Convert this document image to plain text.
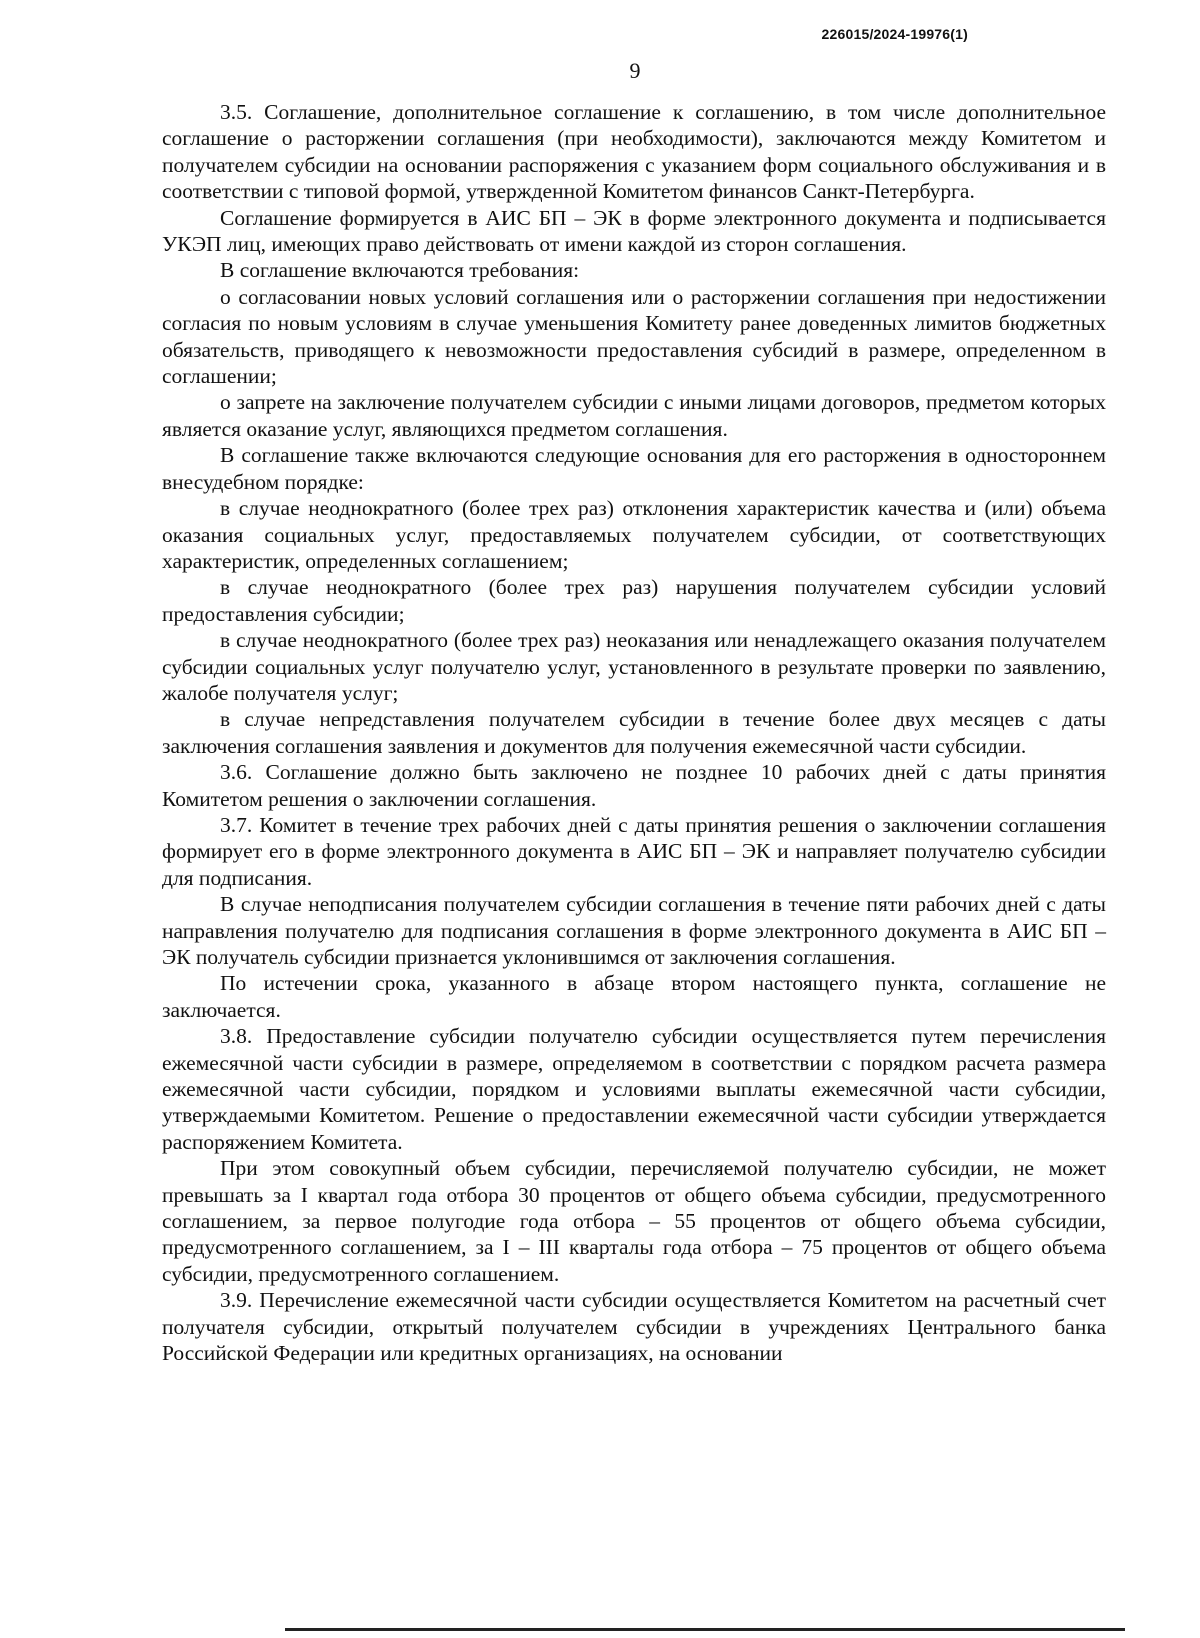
226015/2024-19976(1)
9

3.5. Соглашение, дополнительное соглашение к соглашению, в том числе дополнительное соглашение о расторжении соглашения (при необходимости), заключаются между Комитетом и получателем субсидии на основании распоряжения с указанием форм социального обслуживания и в соответствии с типовой формой, утвержденной Комитетом финансов Санкт-Петербурга.

Соглашение формируется в АИС БП – ЭК в форме электронного документа и подписывается УКЭП лиц, имеющих право действовать от имени каждой из сторон соглашения.

В соглашение включаются требования:

о согласовании новых условий соглашения или о расторжении соглашения при недостижении согласия по новым условиям в случае уменьшения Комитету ранее доведенных лимитов бюджетных обязательств, приводящего к невозможности предоставления субсидий в размере, определенном в соглашении;

о запрете на заключение получателем субсидии с иными лицами договоров, предметом которых является оказание услуг, являющихся предметом соглашения.

В соглашение также включаются следующие основания для его расторжения в одностороннем внесудебном порядке:

в случае неоднократного (более трех раз) отклонения характеристик качества и (или) объема оказания социальных услуг, предоставляемых получателем субсидии, от соответствующих характеристик, определенных соглашением;

в случае неоднократного (более трех раз) нарушения получателем субсидии условий предоставления субсидии;

в случае неоднократного (более трех раз) неоказания или ненадлежащего оказания получателем субсидии социальных услуг получателю услуг, установленного в результате проверки по заявлению, жалобе получателя услуг;

в случае непредставления получателем субсидии в течение более двух месяцев с даты заключения соглашения заявления и документов для получения ежемесячной части субсидии.

3.6. Соглашение должно быть заключено не позднее 10 рабочих дней с даты принятия Комитетом решения о заключении соглашения.

3.7. Комитет в течение трех рабочих дней с даты принятия решения о заключении соглашения формирует его в форме электронного документа в АИС БП – ЭК и направляет получателю субсидии для подписания.

В случае неподписания получателем субсидии соглашения в течение пяти рабочих дней с даты направления получателю для подписания соглашения в форме электронного документа в АИС БП – ЭК получатель субсидии признается уклонившимся от заключения соглашения.

По истечении срока, указанного в абзаце втором настоящего пункта, соглашение не заключается.

3.8. Предоставление субсидии получателю субсидии осуществляется путем перечисления ежемесячной части субсидии в размере, определяемом в соответствии с порядком расчета размера ежемесячной части субсидии, порядком и условиями выплаты ежемесячной части субсидии, утверждаемыми Комитетом. Решение о предоставлении ежемесячной части субсидии утверждается распоряжением Комитета.

При этом совокупный объем субсидии, перечисляемой получателю субсидии, не может превышать за I квартал года отбора 30 процентов от общего объема субсидии, предусмотренного соглашением, за первое полугодие года отбора – 55 процентов от общего объема субсидии, предусмотренного соглашением, за I – III кварталы года отбора – 75 процентов от общего объема субсидии, предусмотренного соглашением.

3.9. Перечисление ежемесячной части субсидии осуществляется Комитетом на расчетный счет получателя субсидии, открытый получателем субсидии в учреждениях Центрального банка Российской Федерации или кредитных организациях, на основании
